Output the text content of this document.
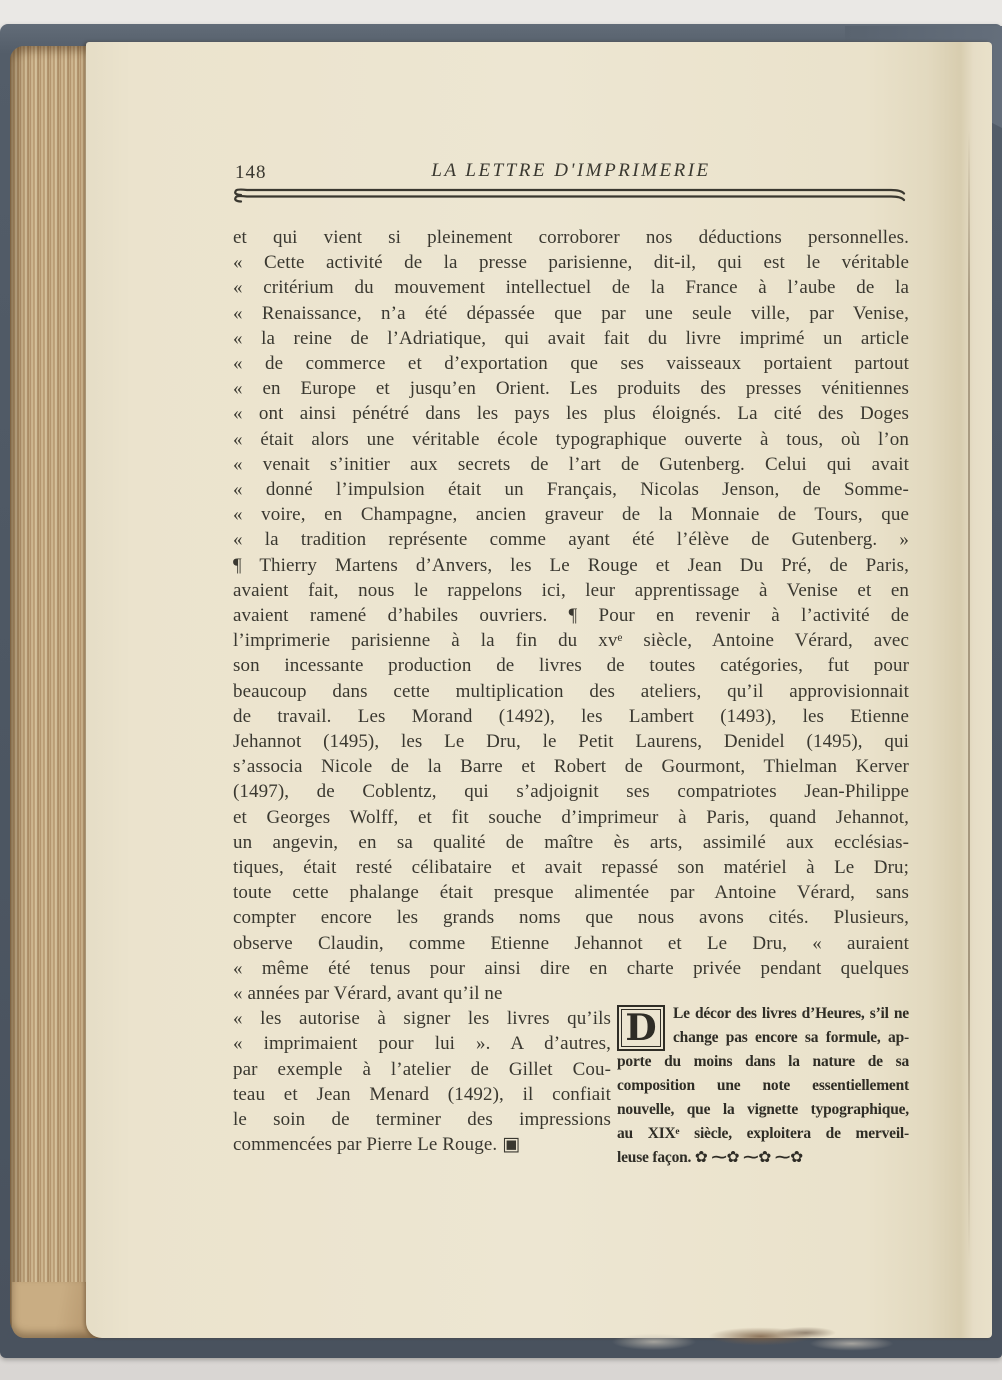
148	LA LETTRE D'IMPRIMERIE
et qui vient si pleinement corroborer nos déductions personnelles.
« Cette activité de la presse parisienne, dit-il, qui est le véritable
« critérium du mouvement intellectuel de la France à l’aube de la
« Renaissance, n’a été dépassée que par une seule ville, par Venise,
« la reine de l’Adriatique, qui avait fait du livre imprimé un article
« de commerce et d’exportation que ses vaisseaux portaient partout
« en Europe et jusqu’en Orient. Les produits des presses vénitiennes
« ont ainsi pénétré dans les pays les plus éloignés. La cité des Doges
« était alors une véritable école typographique ouverte à tous, où l’on
« venait s’initier aux secrets de l’art de Gutenberg. Celui qui avait
« donné l’impulsion était un Français, Nicolas Jenson, de Somme-
« voire, en Champagne, ancien graveur de la Monnaie de Tours, que
« la tradition représente comme ayant été l’élève de Gutenberg. »
¶ Thierry Martens d’Anvers, les Le Rouge et Jean Du Pré, de Paris,
avaient fait, nous le rappelons ici, leur apprentissage à Venise et en
avaient ramené d’habiles ouvriers. ¶ Pour en revenir à l’activité de
l’imprimerie parisienne à la fin du xvᵉ siècle, Antoine Vérard, avec
son incessante production de livres de toutes catégories, fut pour
beaucoup dans cette multiplication des ateliers, qu’il approvisionnait
de travail. Les Morand (1492), les Lambert (1493), les Etienne
Jehannot (1495), les Le Dru, le Petit Laurens, Denidel (1495), qui
s’associa Nicole de la Barre et Robert de Gourmont, Thielman Kerver
(1497), de Coblentz, qui s’adjoignit ses compatriotes Jean-Philippe
et Georges Wolff, et fit souche d’imprimeur à Paris, quand Jehannot,
un angevin, en sa qualité de maître ès arts, assimilé aux ecclésias-
tiques, était resté célibataire et avait repassé son matériel à Le Dru;
toute cette phalange était presque alimentée par Antoine Vérard, sans
compter encore les grands noms que nous avons cités. Plusieurs,
observe Claudin, comme Etienne Jehannot et Le Dru, « auraient
« même été tenus pour ainsi dire en charte privée pendant quelques
« années par Vérard, avant qu’il ne
« les autorise à signer les livres qu’ils
« imprimaient pour lui ». A d’autres,
par exemple à l’atelier de Gillet Cou-
teau et Jean Menard (1492), il confiait
le soin de terminer des impressions
commencées par Pierre Le Rouge. ▣
D	Le décor des livres d’Heures, s’il ne
change pas encore sa formule, ap-
porte du moins dans la nature de sa
composition une note essentiellement
nouvelle, que la vignette typographique,
au XIXᵉ siècle, exploitera de merveil-
leuse façon. ✿ ⁓✿ ⁓✿ ⁓✿
